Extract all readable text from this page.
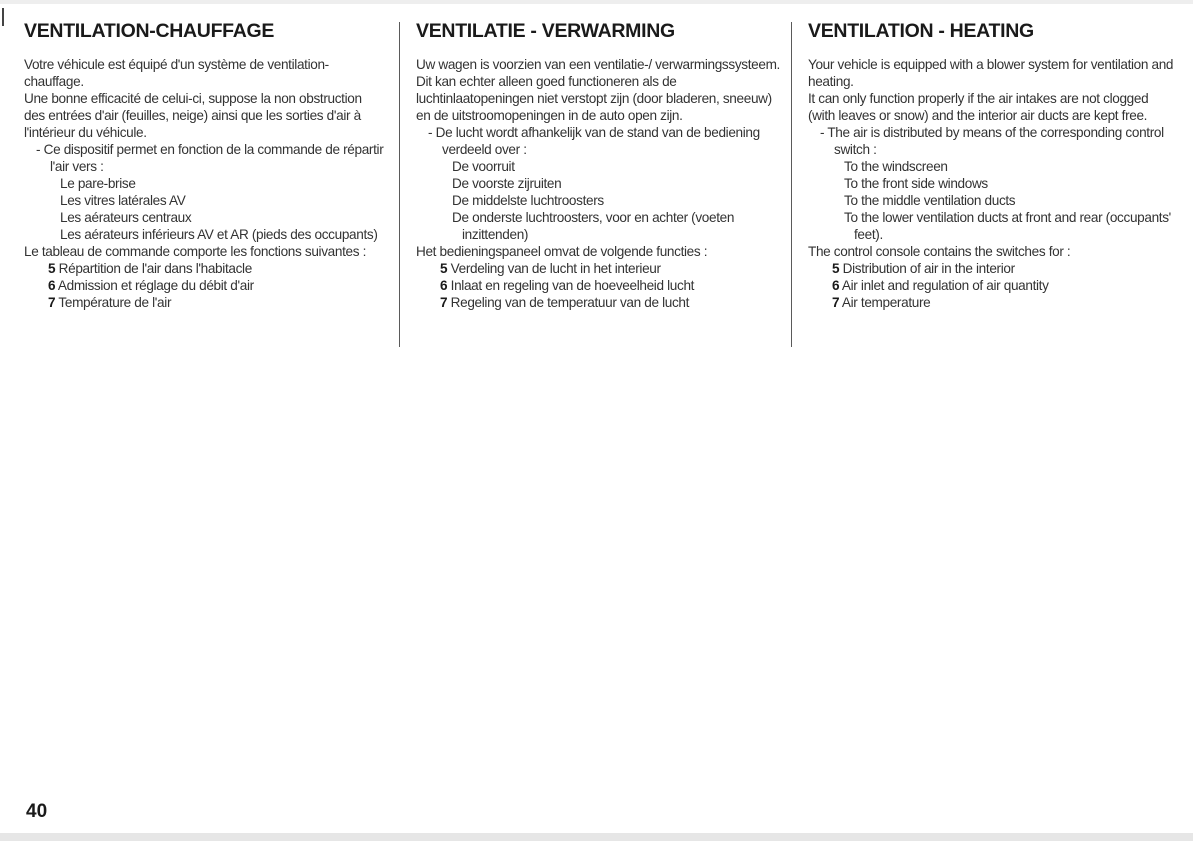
VENTILATION-CHAUFFAGE

Votre véhicule est équipé d'un système de ventilation-chauffage.

Une bonne efficacité de celui-ci, suppose la non obstruction des entrées d'air (feuilles, neige) ainsi que les sorties d'air à l'intérieur du véhicule.

- Ce dispositif permet en fonction de la commande de répartir l'air vers :

Le pare-brise
Les vitres latérales AV
Les aérateurs centraux
Les aérateurs inférieurs AV et AR (pieds des occupants)

Le tableau de commande comporte les fonctions suivantes :

5 Répartition de l'air dans l'habitacle
6 Admission et réglage du débit d'air
7 Température de l'air
VENTILATIE - VERWARMING

Uw wagen is voorzien van een ventilatie-/ verwarmingssysteem.

Dit kan echter alleen goed functioneren als de luchtinlaatopeningen niet verstopt zijn (door bladeren, sneeuw) en de uitstroomopeningen in de auto open zijn.

- De lucht wordt afhankelijk van de stand van de bediening verdeeld over :

De voorruit
De voorste zijruiten
De middelste luchtroosters
De onderste luchtroosters, voor en achter (voeten inzittenden)

Het bedieningspaneel omvat de volgende functies :

5 Verdeling van de lucht in het interieur
6 Inlaat en regeling van de hoeveelheid lucht
7 Regeling van de temperatuur van de lucht
VENTILATION - HEATING

Your vehicle is equipped with a blower system for ventilation and heating.

It can only function properly if the air intakes are not clogged (with leaves or snow) and the interior air ducts are kept free.

- The air is distributed by means of the corresponding control switch :

To the windscreen
To the front side windows
To the middle ventilation ducts
To the lower ventilation ducts at front and rear (occupants' feet).

The control console contains the switches for :

5 Distribution of air in the interior
6 Air inlet and regulation of air quantity
7 Air temperature
40
